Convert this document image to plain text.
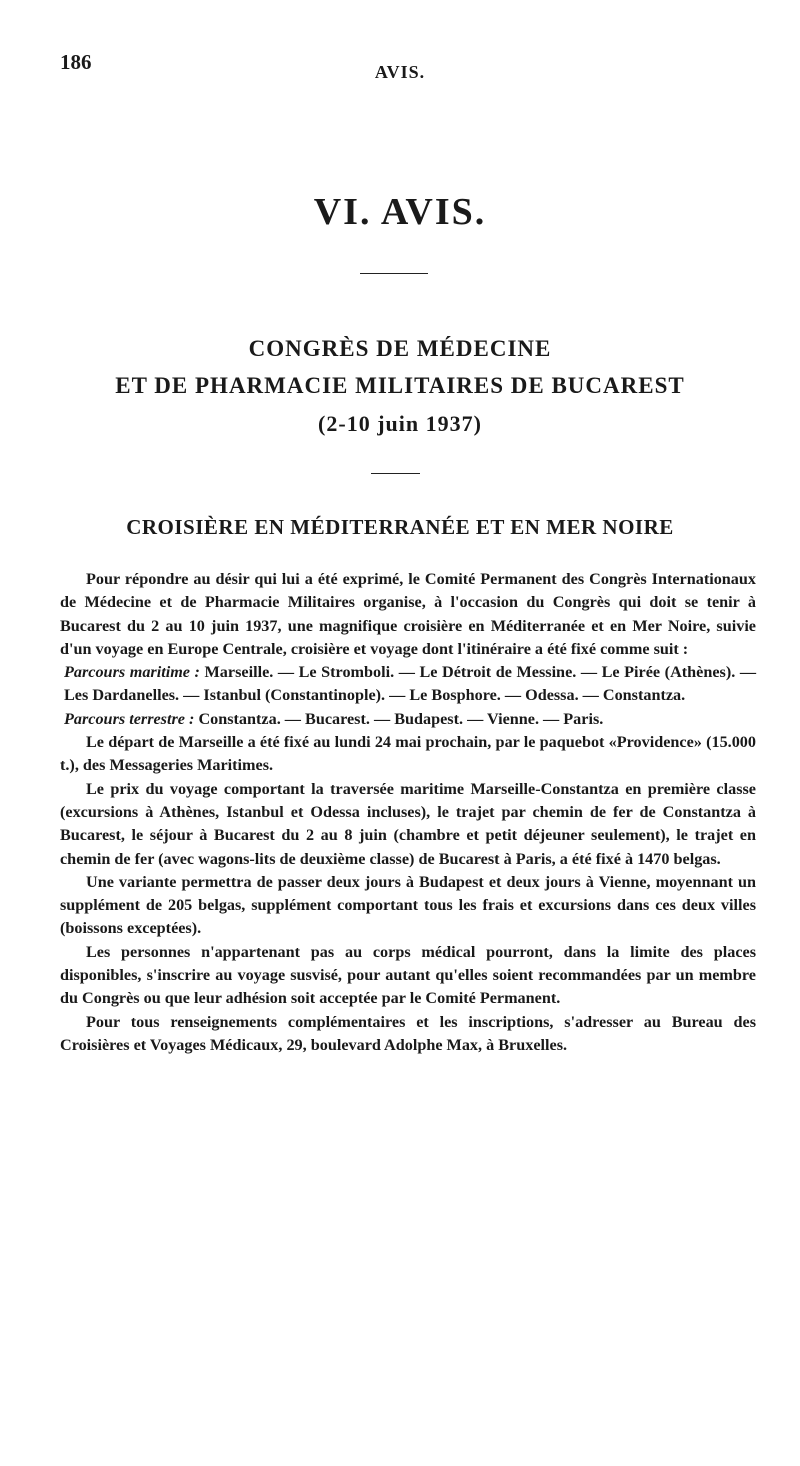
186	AVIS.
VI. AVIS.
CONGRÈS DE MÉDECINE
ET DE PHARMACIE MILITAIRES DE BUCAREST
(2-10 juin 1937)
CROISIÈRE EN MÉDITERRANÉE ET EN MER NOIRE

Pour répondre au désir qui lui a été exprimé, le Comité Permanent des Congrès Internationaux de Médecine et de Pharmacie Militaires organise, à l'occasion du Congrès qui doit se tenir à Bucarest du 2 au 10 juin 1937, une magnifique croisière en Méditerranée et en Mer Noire, suivie d'un voyage en Europe Centrale, croisière et voyage dont l'itinéraire a été fixé comme suit :

Parcours maritime : Marseille. — Le Stromboli. — Le Détroit de Messine. — Le Pirée (Athènes). — Les Dardanelles. — Istanbul (Constantinople). — Le Bosphore. — Odessa. — Constantza.

Parcours terrestre : Constantza. — Bucarest. — Budapest. — Vienne. — Paris.

Le départ de Marseille a été fixé au lundi 24 mai prochain, par le paquebot «Providence» (15.000 t.), des Messageries Maritimes.

Le prix du voyage comportant la traversée maritime Marseille-Constantza en première classe (excursions à Athènes, Istanbul et Odessa incluses), le trajet par chemin de fer de Constantza à Bucarest, le séjour à Bucarest du 2 au 8 juin (chambre et petit déjeuner seulement), le trajet en chemin de fer (avec wagons-lits de deuxième classe) de Bucarest à Paris, a été fixé à 1470 belgas.

Une variante permettra de passer deux jours à Budapest et deux jours à Vienne, moyennant un supplément de 205 belgas, supplément comportant tous les frais et excursions dans ces deux villes (boissons exceptées).

Les personnes n'appartenant pas au corps médical pourront, dans la limite des places disponibles, s'inscrire au voyage susvisé, pour autant qu'elles soient recommandées par un membre du Congrès ou que leur adhésion soit acceptée par le Comité Permanent.

Pour tous renseignements complémentaires et les inscriptions, s'adresser au Bureau des Croisières et Voyages Médicaux, 29, boulevard Adolphe Max, à Bruxelles.
